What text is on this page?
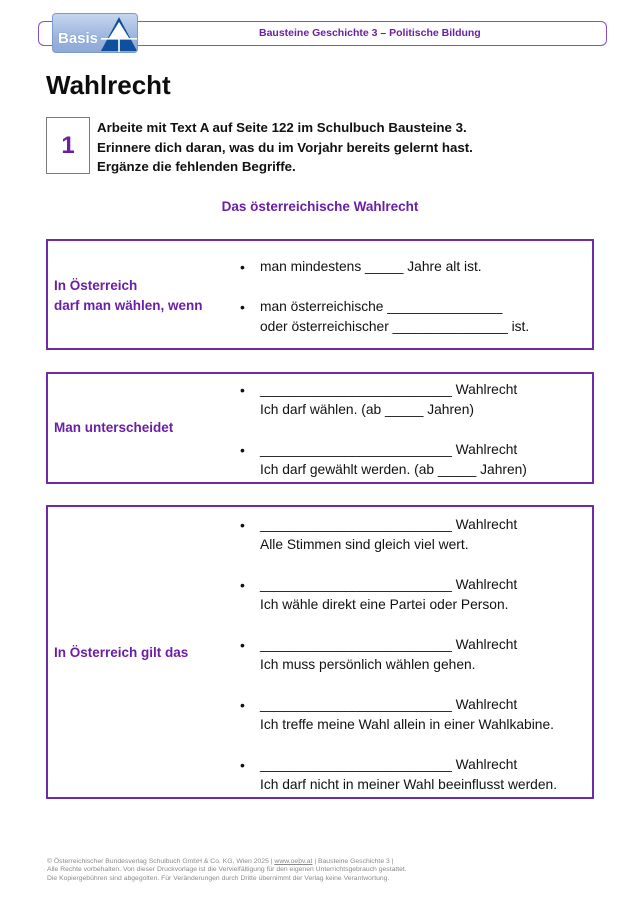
Bausteine Geschichte 3 – Politische Bildung
Basis
Wahlrecht
1
Arbeite mit Text A auf Seite 122 im Schulbuch Bausteine 3.
Erinnere dich daran, was du im Vorjahr bereits gelernt hast.
Ergänze die fehlenden Begriffe.
Das österreichische Wahlrecht
In Österreich
darf man wählen, wenn
• man mindestens _____ Jahre alt ist.
• man österreichische _______________
oder österreichischer _______________ ist.
Man unterscheidet
• _________________________ Wahlrecht
Ich darf wählen. (ab _____ Jahren)
• _________________________ Wahlrecht
Ich darf gewählt werden. (ab _____ Jahren)
In Österreich gilt das
• _________________________ Wahlrecht
Alle Stimmen sind gleich viel wert.
• _________________________ Wahlrecht
Ich wähle direkt eine Partei oder Person.
• _________________________ Wahlrecht
Ich muss persönlich wählen gehen.
• _________________________ Wahlrecht
Ich treffe meine Wahl allein in einer Wahlkabine.
• _________________________ Wahlrecht
Ich darf nicht in meiner Wahl beeinflusst werden.
© Österreichischer Bundesverlag Schulbuch GmbH & Co. KG, Wien 2025 | www.oebv.at | Bausteine Geschichte 3 |
Alle Rechte vorbehalten. Von dieser Druckvorlage ist die Vervielfältigung für den eigenen Unterrichtsgebrauch gestattet.
Die Kopiergebühren sind abgegolten. Für Veränderungen durch Dritte übernimmt der Verlag keine Verantwortung.
